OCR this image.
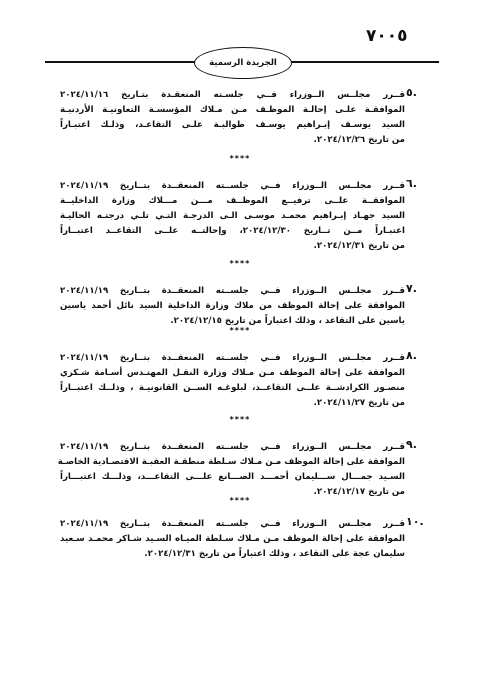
٧٠٠٥
الجريدة الرسمية
٥.
قــرر مجلــس الــوزراء فــي جلسـته المنعقـدة بتـاريخ ٢٠٢٤/١١/١٦
الموافقـة علـى إحالـة الموظـف مـن مـلاك المؤسسـة التعاونيـة الأردنيـة
السيد يوسـف إبـراهيم يوسـف طوالبـة علـى التقاعـد، وذلـك اعتبـاراً
من تاريخ ٢٠٢٤/١٢/٢٦.
٦.
قــرر مجلــس الــوزراء فــي جلســته المنعقــدة بتــاريخ ٢٠٢٤/١١/١٩
الموافقــة علــى ترفيــع الموظــف مـــن مـــلاك وزارة الداخليــة
السيد جهـاد إبـراهيم محمـد موسـى الـى الدرجـة التـي تلـي درجتـه الحاليـة
اعتبـاراً مــن تــاريخ ٢٠٢٤/١٢/٣٠، وإحالتــه علــى التقاعــد اعتبــاراً
من تاريخ ٢٠٢٤/١٢/٣١.
٧.
قــرر مجلــس الــوزراء فــي جلســته المنعقــدة بتــاريخ ٢٠٢٤/١١/١٩
الموافقة على إحالة الموظف من ملاك وزارة الداخلية السيد نائل أحمد ياسين
ياسين على التقاعد ، وذلك اعتباراً من تاريخ ٢٠٢٤/١٢/١٥.
٨.
قــرر مجلــس الــوزراء فــي جلســته المنعقــدة بتــاريخ ٢٠٢٤/١١/١٩
الموافقة على إحالة الموظف مـن مـلاك وزارة النقـل المهنـدس أسـامة شـكري
منصـور الكرادشــة علــى التقاعــد، لبلوغـه الســن القانونيـة ، وذلــك اعتبــاراً
من تاريخ ٢٠٢٤/١١/٢٧.
٩.
قــرر مجلــس الــوزراء فــي جلســته المنعقــدة بتــاريخ ٢٠٢٤/١١/١٩
الموافقة على إحالة الموظف مـن مـلاك سـلطة منطقـة العقبـة الاقتصـادية الخاصـة
السـيد جمـــال ســـليمان أحمـــد الصـــانع علـــى التقاعـــد، وذلـــك اعتبـــاراً
من تاريخ ٢٠٢٤/١٢/١٧.
١٠.
قــرر مجلــس الــوزراء فــي جلســته المنعقــدة بتــاريخ ٢٠٢٤/١١/١٩
الموافقة على إحالة الموظف مـن مـلاك سـلطة الميـاه السـيد شـاكر محمـد سـعيد
سليمان عجة على التقاعد ، وذلك اعتباراً من تاريخ ٢٠٢٤/١٢/٣١.
****
****
****
****
****
